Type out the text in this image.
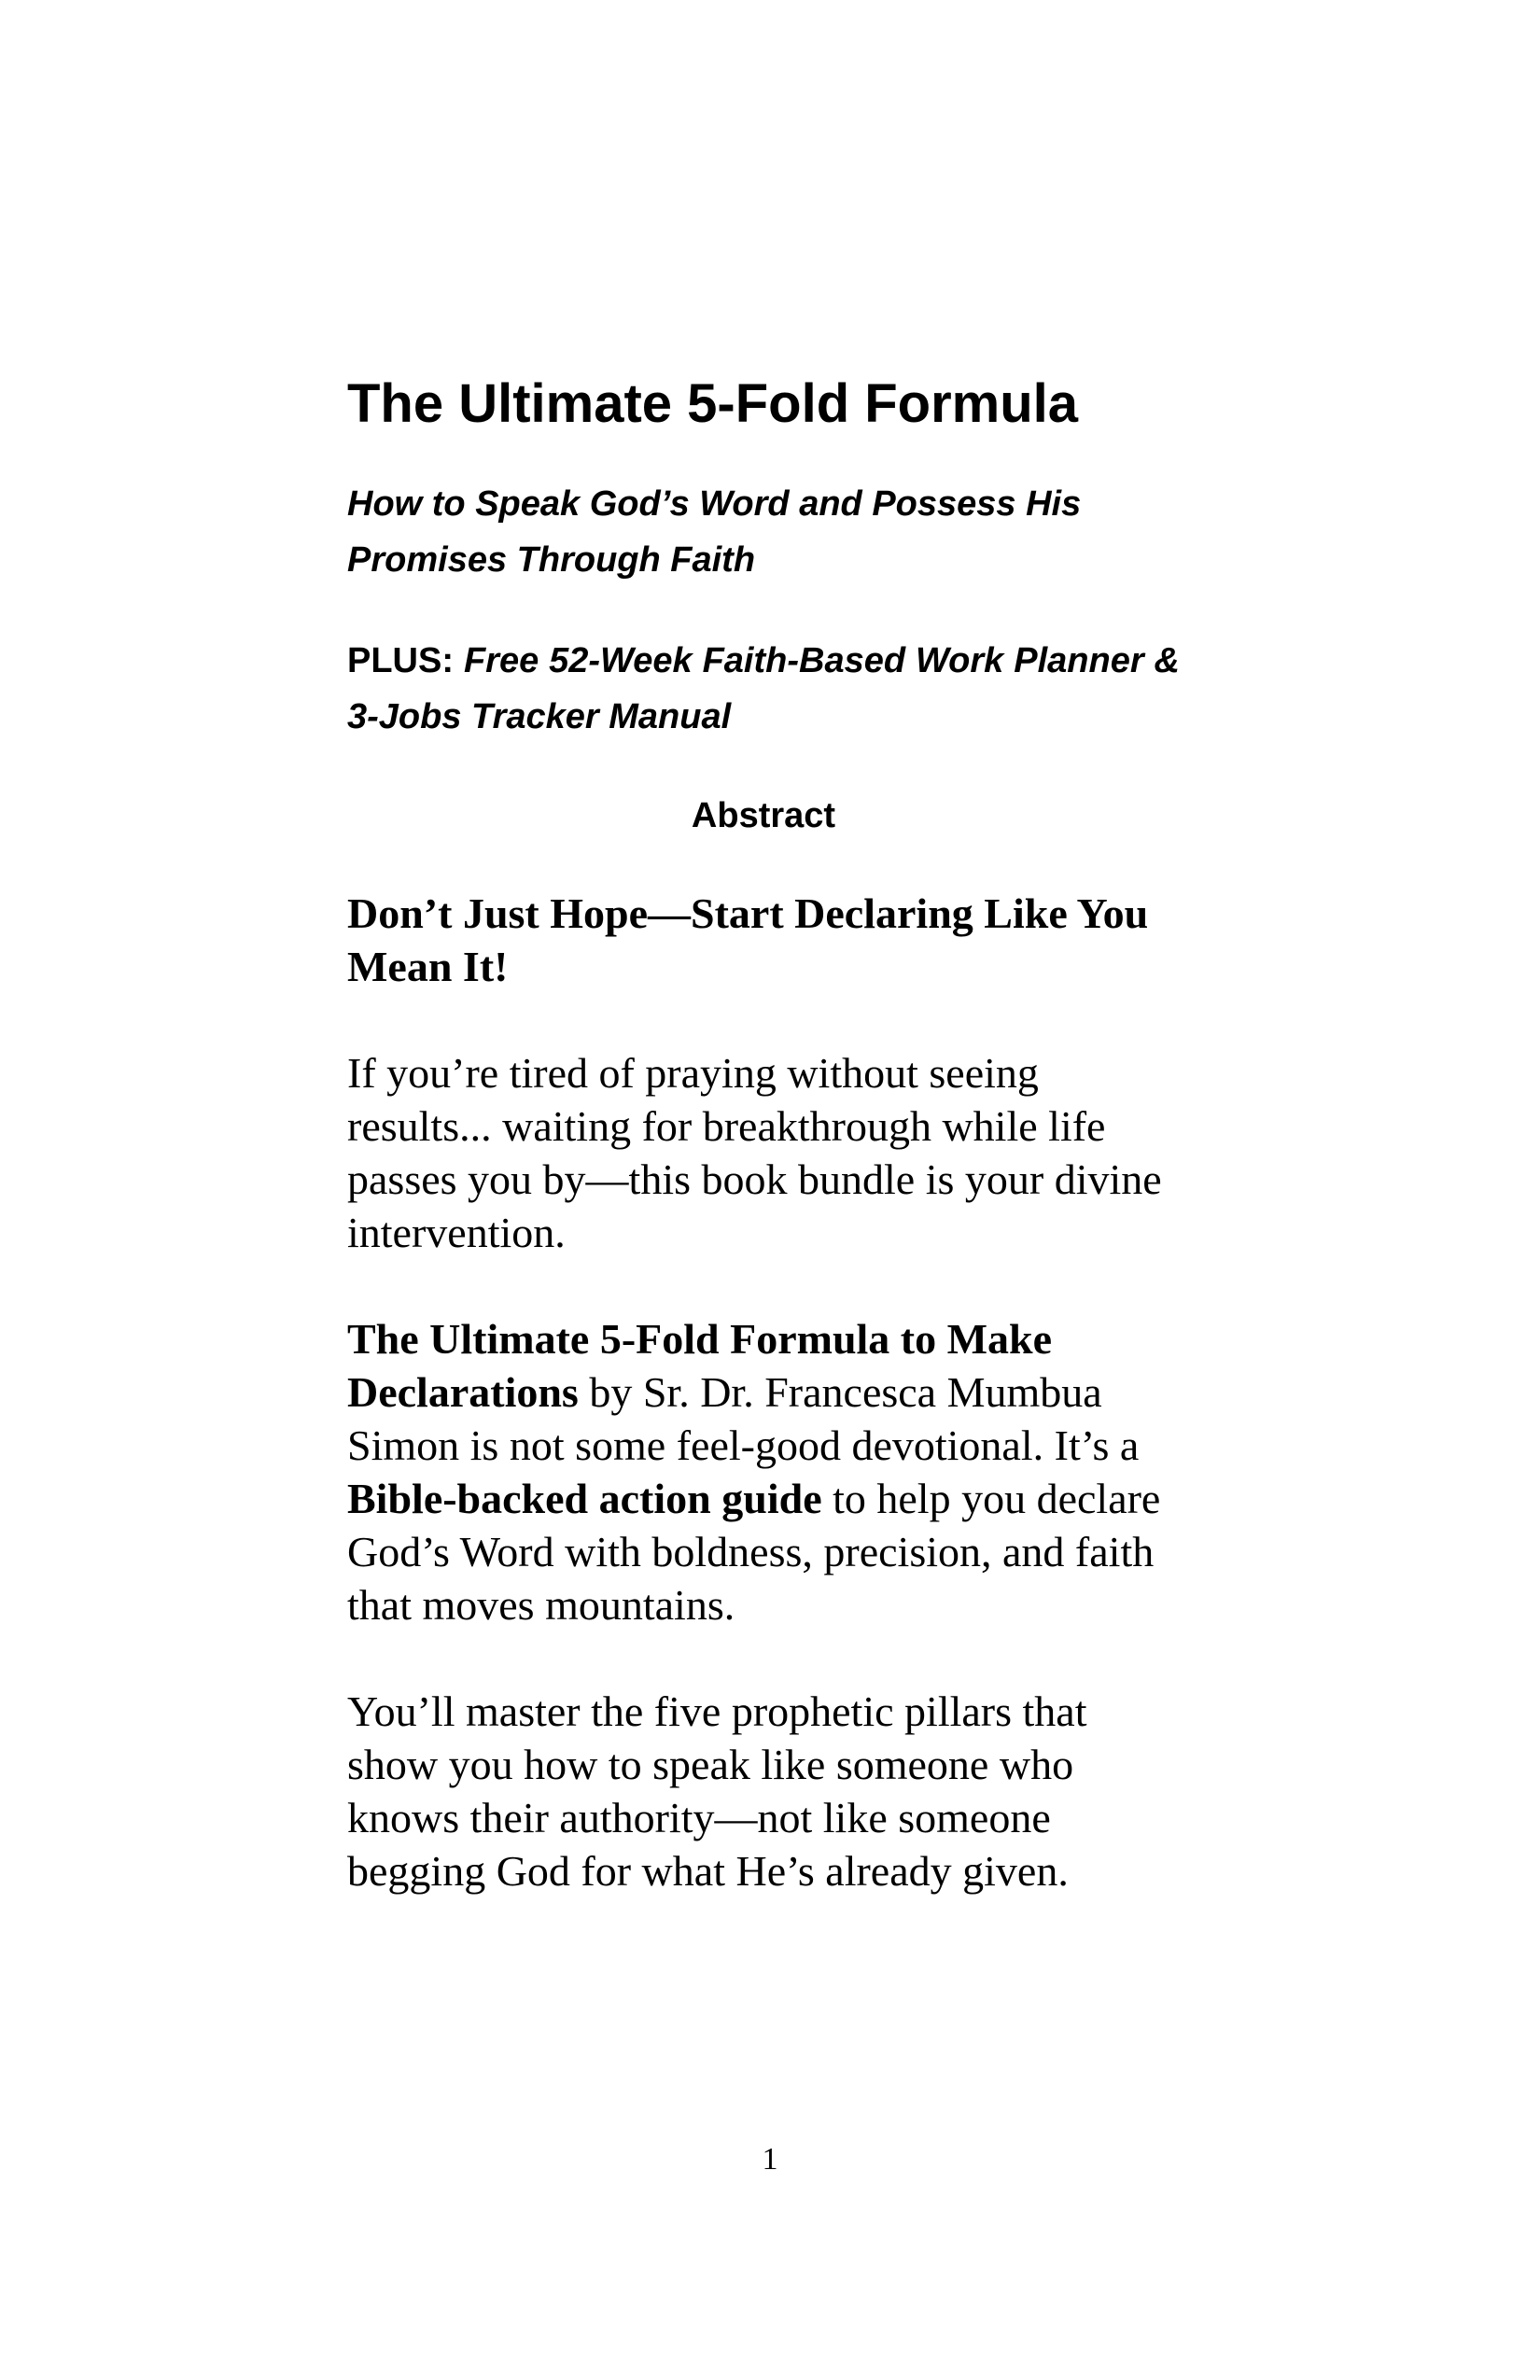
The Ultimate 5-Fold Formula

How to Speak God’s Word and Possess His Promises Through Faith

PLUS: Free 52-Week Faith-Based Work Planner & 3-Jobs Tracker Manual

Abstract

Don’t Just Hope—Start Declaring Like You Mean It!

If you’re tired of praying without seeing results... waiting for breakthrough while life passes you by—this book bundle is your divine intervention.

The Ultimate 5-Fold Formula to Make Declarations by Sr. Dr. Francesca Mumbua Simon is not some feel-good devotional. It’s a Bible-backed action guide to help you declare God’s Word with boldness, precision, and faith that moves mountains.

You’ll master the five prophetic pillars that show you how to speak like someone who knows their authority—not like someone begging God for what He’s already given.

1
